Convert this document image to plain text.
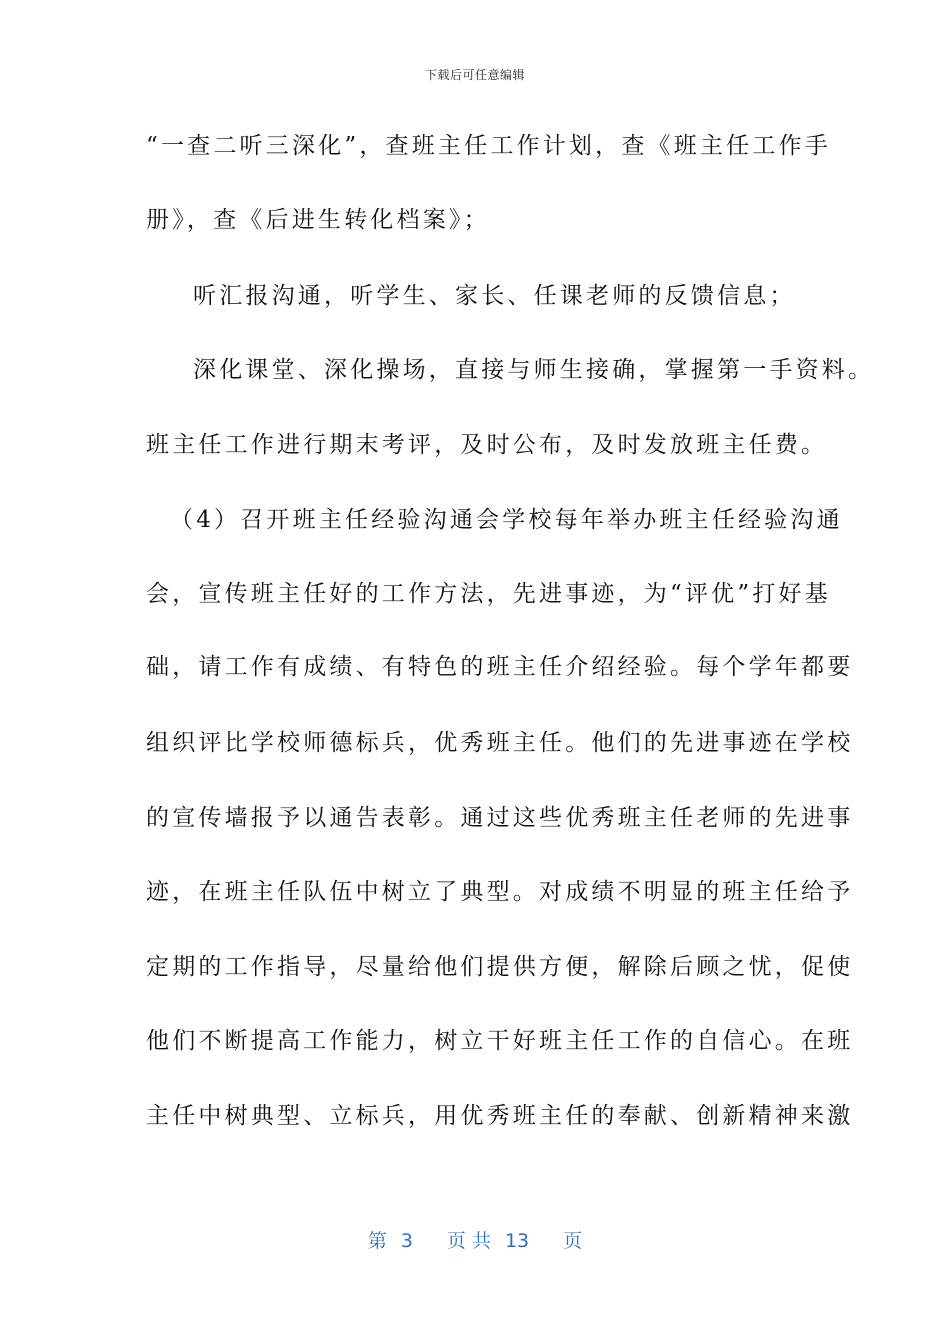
下载后可任意编辑
“一查二听三深化”，查班主任工作计划，查《班主任工作手
册》，查《后进生转化档案》；
听汇报沟通，听学生、家长、任课老师的反馈信息；
深化课堂、深化操场，直接与师生接确，掌握第一手资料。
班主任工作进行期末考评，及时公布，及时发放班主任费。
（4）召开班主任经验沟通会学校每年举办班主任经验沟通
会，宣传班主任好的工作方法，先进事迹，为“评优”打好基
础，请工作有成绩、有特色的班主任介绍经验。每个学年都要
组织评比学校师德标兵，优秀班主任。他们的先进事迹在学校
的宣传墙报予以通告表彰。通过这些优秀班主任老师的先进事
迹，在班主任队伍中树立了典型。对成绩不明显的班主任给予
定期的工作指导，尽量给他们提供方便，解除后顾之忧，促使
他们不断提高工作能力，树立干好班主任工作的自信心。在班
主任中树典型、立标兵，用优秀班主任的奉献、创新精神来激
第 3 页 共 13 页
